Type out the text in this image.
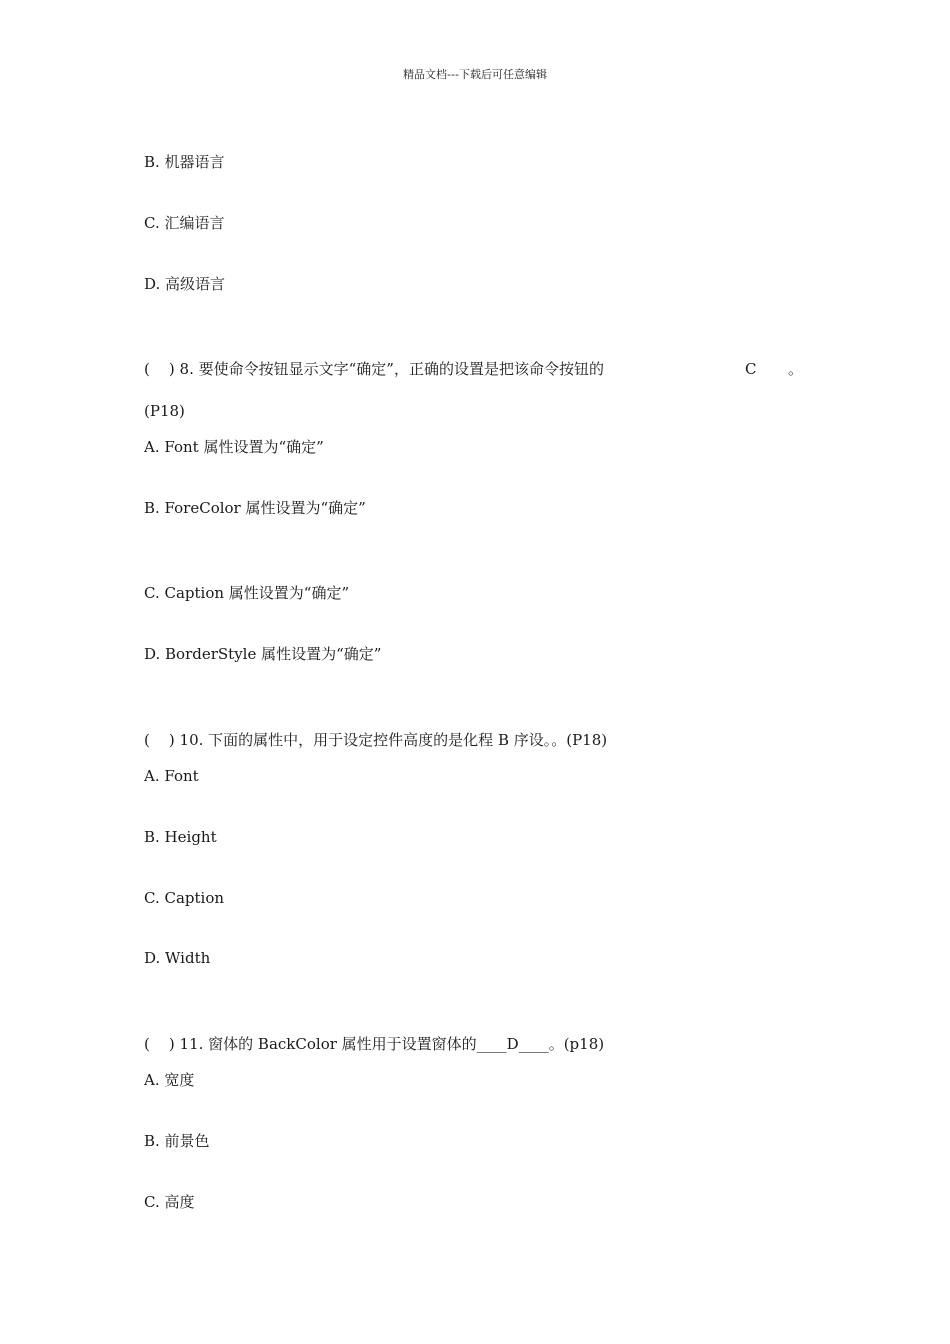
精品文档---下载后可任意编辑
B. 机器语言
C. 汇编语言
D. 高级语言
(    ) 8. 要使命令按钮显示文字“确定”，正确的设置是把该命令按钮的	C 。
(P18)
A. Font 属性设置为“确定”
B. ForeColor 属性设置为“确定”
C. Caption 属性设置为“确定”
D. BorderStyle 属性设置为“确定”
(    ) 10. 下面的属性中，用于设定控件高度的是化程 B 序设。。(P18)
A. Font
B. Height
C. Caption
D. Width
(    ) 11. 窗体的 BackColor 属性用于设置窗体的____D____。(p18)
A. 宽度
B. 前景色
C. 高度
